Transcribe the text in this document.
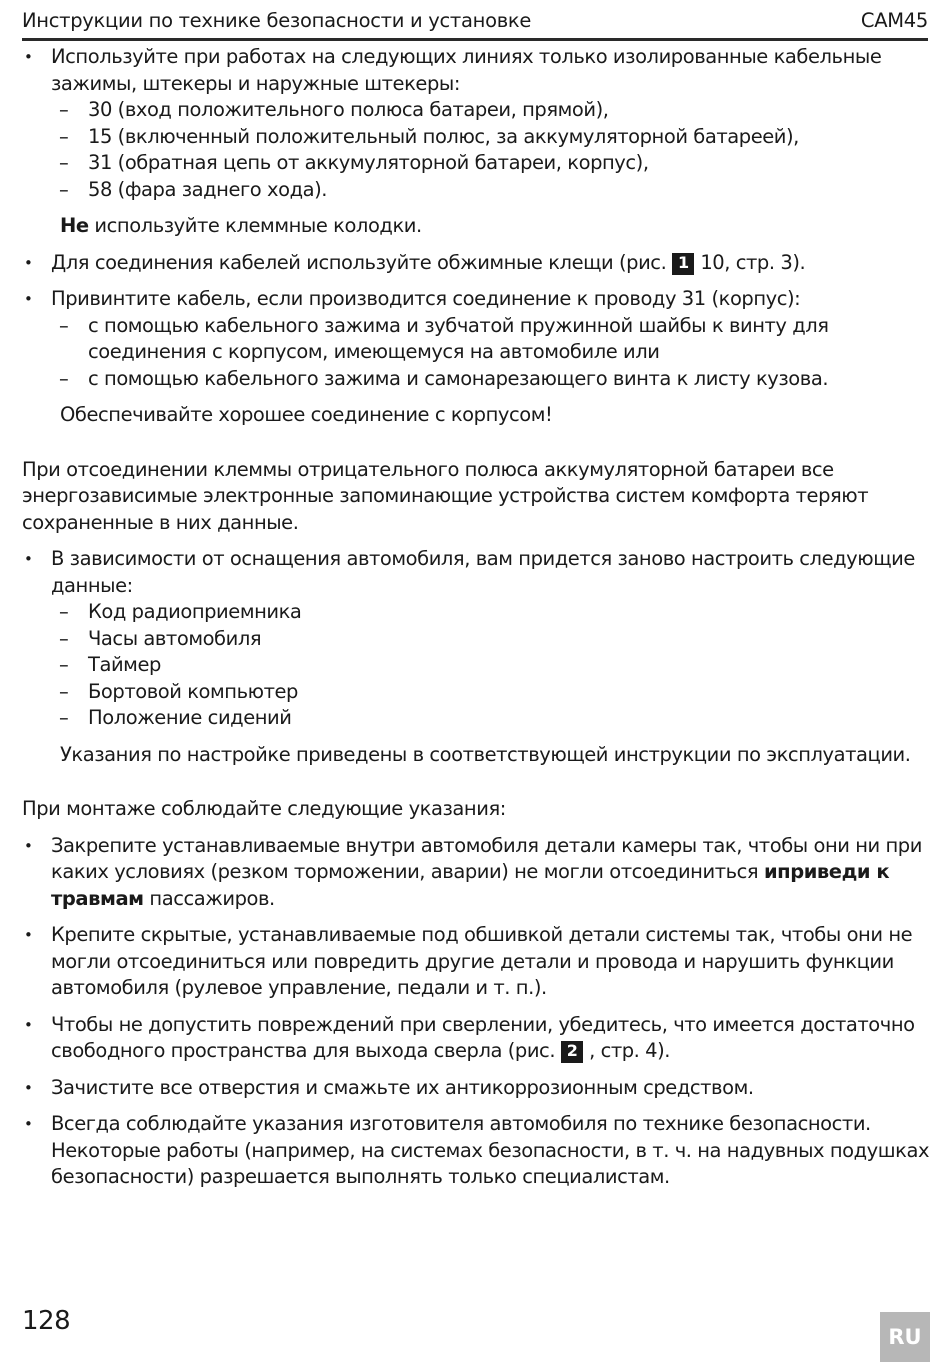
Инструкции по технике безопасности и установке	CAM45

• Используйте при работах на следующих линиях только изолированные кабельные зажимы, штекеры и наружные штекеры:

– 30 (вход положительного полюса батареи, прямой),

– 15 (включенный положительный полюс, за аккумуляторной батареей),

– 31 (обратная цепь от аккумуляторной батареи, корпус),

– 58 (фара заднего хода).

Не используйте клеммные колодки.

• Для соединения кабелей используйте обжимные клещи (рис. 1 10, стр. 3).

• Привинтите кабель, если производится соединение к проводу 31 (корпус):

– с помощью кабельного зажима и зубчатой пружинной шайбы к винту для соединения с корпусом, имеющемуся на автомобиле или

– с помощью кабельного зажима и самонарезающего винта к листу кузова.

Обеспечивайте хорошее соединение с корпусом!

При отсоединении клеммы отрицательного полюса аккумуляторной батареи все энергозависимые электронные запоминающие устройства систем комфорта теряют сохраненные в них данные.

• В зависимости от оснащения автомобиля, вам придется заново настроить следующие данные:

– Код радиоприемника

– Часы автомобиля

– Таймер

– Бортовой компьютер

– Положение сидений

Указания по настройке приведены в соответствующей инструкции по эксплуатации.

При монтаже соблюдайте следующие указания:

• Закрепите устанавливаемые внутри автомобиля детали камеры так, чтобы они ни при каких условиях (резком торможении, аварии) не могли отсоединиться иприведи к травмам пассажиров.

• Крепите скрытые, устанавливаемые под обшивкой детали системы так, чтобы они не могли отсоединиться или повредить другие детали и провода и нарушить функции автомобиля (рулевое управление, педали и т. п.).

• Чтобы не допустить повреждений при сверлении, убедитесь, что имеется достаточно свободного пространства для выхода сверла (рис. 2 , стр. 4).

• Зачистите все отверстия и смажьте их антикоррозионным средством.

• Всегда соблюдайте указания изготовителя автомобиля по технике безопасности. Некоторые работы (например, на системах безопасности, в т. ч. на надувных подушках безопасности) разрешается выполнять только специалистам.

128
RU
